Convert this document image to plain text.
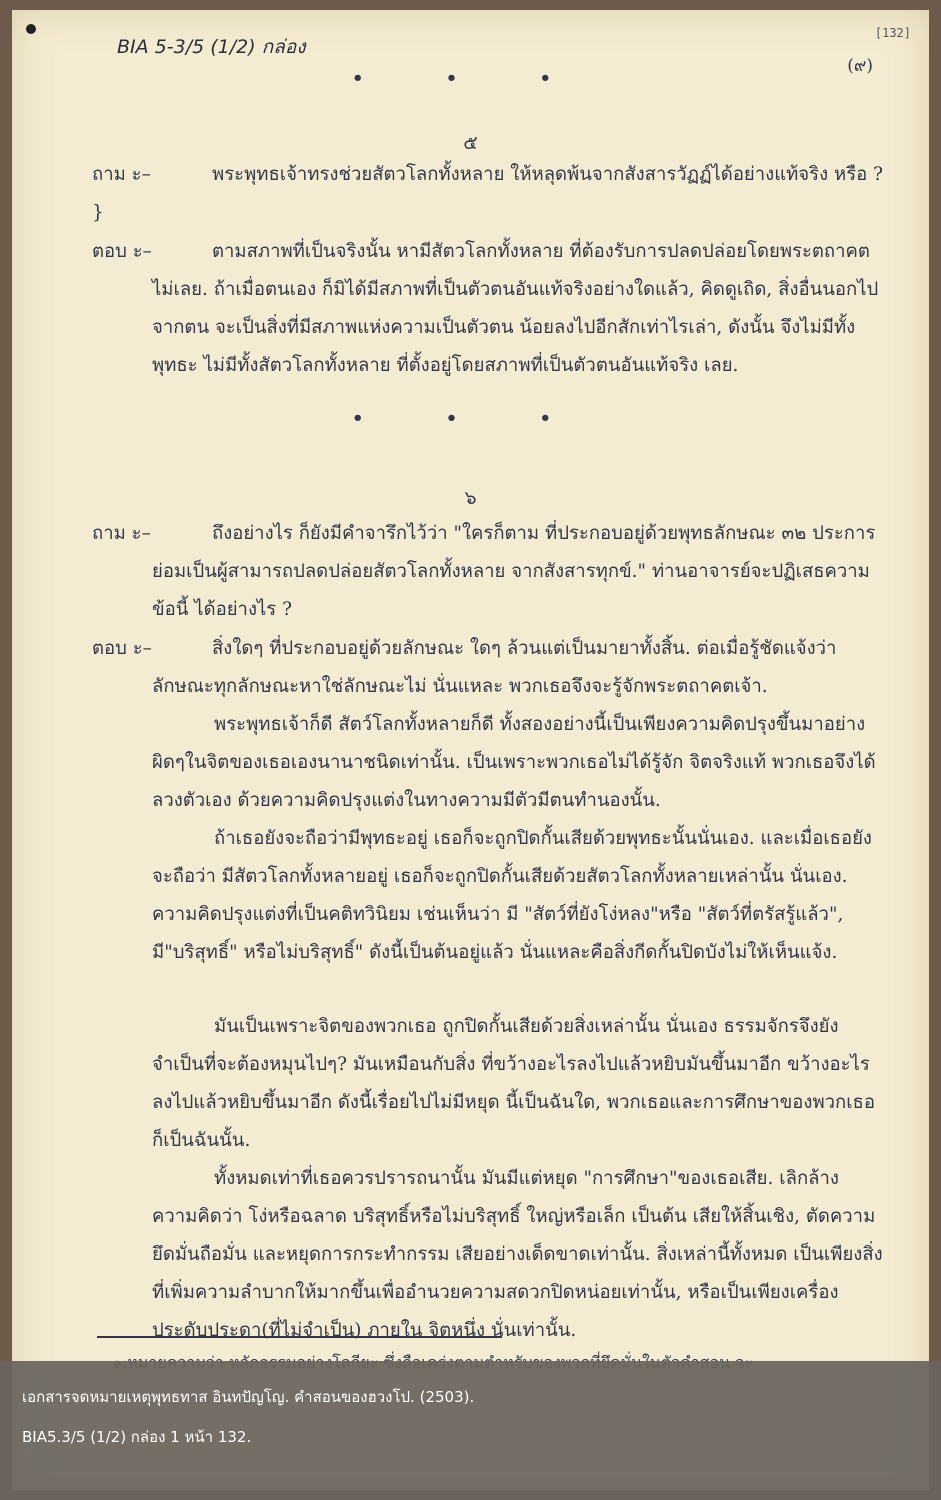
BIA 5-3/5 (1/2) กล่อง
[132]
(๙)
• • •
๕
ถาม ะ–	พระพุทธเจ้าทรงช่วยสัตวโลกทั้งหลาย ให้หลุดพ้นจากสังสารวัฏฏ์ได้อย่างแท้จริง หรือ ?
}
ตอบ ะ–	ตามสภาพที่เป็นจริงนั้น หามีสัตวโลกทั้งหลาย ที่ต้องรับการปลดปล่อยโดยพระตถาคต ไม่เลย. ถ้าเมื่อตนเอง ก็มิได้มีสภาพที่เป็นตัวตนอันแท้จริงอย่างใดแล้ว, คิดดูเถิด, สิ่งอื่นนอกไปจากตน จะเป็นสิ่งที่มีสภาพแห่งความเป็นตัวตน น้อยลงไปอีกสักเท่าไรเล่า, ดังนั้น จึงไม่มีทั้งพุทธะ ไม่มีทั้งสัตวโลกทั้งหลาย ที่ตั้งอยู่โดยสภาพที่เป็นตัวตนอันแท้จริง เลย.
• • •
๖
ถาม ะ–	ถึงอย่างไร ก็ยังมีคำจารึกไว้ว่า "ใครก็ตาม ที่ประกอบอยู่ด้วยพุทธลักษณะ ๓๒ ประการ ย่อมเป็นผู้สามารถปลดปล่อยสัตวโลกทั้งหลาย จากสังสารทุกข์." ท่านอาจารย์จะปฏิเสธความข้อนี้ ได้อย่างไร ?
ตอบ ะ–	สิ่งใดๆ ที่ประกอบอยู่ด้วยลักษณะ ใดๆ ล้วนแต่เป็นมายาทั้งสิ้น. ต่อเมื่อรู้ชัดแจ้งว่า ลักษณะทุกลักษณะหาใช่ลักษณะไม่ นั่นแหละ พวกเธอจึงจะรู้จักพระตถาคตเจ้า.
พระพุทธเจ้าก็ดี สัตว์โลกทั้งหลายก็ดี ทั้งสองอย่างนี้เป็นเพียงความคิดปรุงขึ้นมาอย่างผิดๆในจิตของเธอเองนานาชนิดเท่านั้น. เป็นเพราะพวกเธอไม่ได้รู้จัก จิตจริงแท้ พวกเธอจึงได้ลวงตัวเอง ด้วยความคิดปรุงแต่งในทางความมีตัวมีตนทำนองนั้น.
ถ้าเธอยังจะถือว่ามีพุทธะอยู่ เธอก็จะถูกปิดกั้นเสียด้วยพุทธะนั้นนั่นเอง. และเมื่อเธอยังจะถือว่า มีสัตวโลกทั้งหลายอยู่ เธอก็จะถูกปิดกั้นเสียด้วยสัตวโลกทั้งหลายเหล่านั้น นั่นเอง. ความคิดปรุงแต่งที่เป็นคติทวินิยม เช่นเห็นว่า มี "สัตว์ที่ยังโง่หลง"หรือ "สัตว์ที่ตรัสรู้แล้ว", มี"บริสุทธิ์" หรือไม่บริสุทธิ์" ดังนี้เป็นต้นอยู่แล้ว นั่นแหละคือสิ่งกีดกั้นปิดบังไม่ให้เห็นแจ้ง.
มันเป็นเพราะจิตของพวกเธอ ถูกปิดกั้นเสียด้วยสิ่งเหล่านั้น นั่นเอง ธรรมจักรจึงยังจำเป็นที่จะต้องหมุนไปๆ? มันเหมือนกับสิ่ง ที่ขว้างอะไรลงไปแล้วหยิบมันขึ้นมาอีก ขว้างอะไรลงไปแล้วหยิบขึ้นมาอีก ดังนี้เรื่อยไปไม่มีหยุด นี้เป็นฉันใด, พวกเธอและการศึกษาของพวกเธอ ก็เป็นฉันนั้น.
ทั้งหมดเท่าที่เธอควรปรารถนานั้น มันมีแต่หยุด "การศึกษา"ของเธอเสีย. เลิกล้างความคิดว่า โง่หรือฉลาด บริสุทธิ์หรือไม่บริสุทธิ์ ใหญ่หรือเล็ก เป็นต้น เสียให้สิ้นเชิง, ตัดความยึดมั่นถือมั่น และหยุดการกระทำกรรม เสียอย่างเด็ดขาดเท่านั้น. สิ่งเหล่านี้ทั้งหมด เป็นเพียงสิ่งที่เพิ่มความลำบากให้มากขึ้นเพื่ออำนวยความสดวกปิดหน่อยเท่านั้น, หรือเป็นเพียงเครื่องประดับประดา(ที่ไม่จำเป็น) ภายใน จิตหนึ่ง นั่นเท่านั้น.
เอกสารจดหมายเหตุพุทธทาส อินทปัญโญ. คำสอนของฮวงโป. (2503).
BIA5.3/5 (1/2) กล่อง 1 หน้า 132.
